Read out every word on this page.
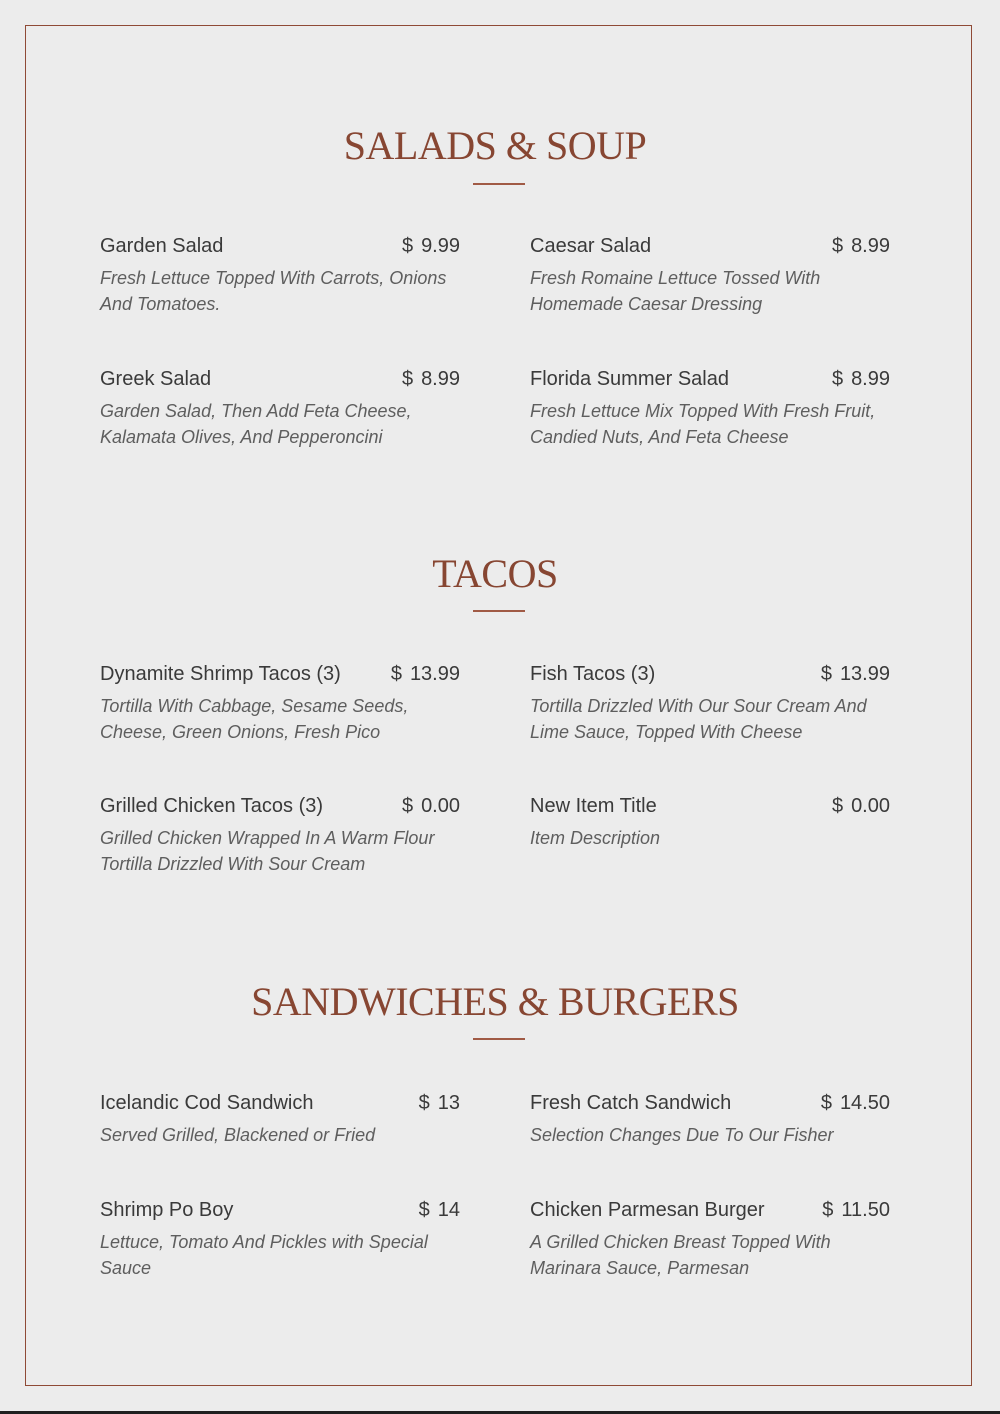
SALADS & SOUP
Garden Salad	$ 9.99
Fresh Lettuce Topped With Carrots, Onions And Tomatoes.
Caesar Salad	$ 8.99
Fresh Romaine Lettuce Tossed With Homemade Caesar Dressing
Greek Salad	$ 8.99
Garden Salad, Then Add Feta Cheese, Kalamata Olives, And Pepperoncini
Florida Summer Salad	$ 8.99
Fresh Lettuce Mix Topped With Fresh Fruit, Candied Nuts, And Feta Cheese
TACOS
Dynamite Shrimp Tacos (3) $ 13.99
Tortilla With Cabbage, Sesame Seeds, Cheese, Green Onions, Fresh Pico
Fish Tacos (3)	$ 13.99
Tortilla Drizzled With Our Sour Cream And Lime Sauce, Topped With Cheese
Grilled Chicken Tacos (3)	$ 0.00
Grilled Chicken Wrapped In A Warm Flour Tortilla Drizzled With Sour Cream
New Item Title	$ 0.00
Item Description
SANDWICHES & BURGERS
Icelandic Cod Sandwich	$ 13
Served Grilled, Blackened or Fried
Fresh Catch Sandwich	$ 14.50
Selection Changes Due To Our Fisher
Shrimp Po Boy	$ 14
Lettuce, Tomato And Pickles with Special Sauce
Chicken Parmesan Burger	$ 11.50
A Grilled Chicken Breast Topped With Marinara Sauce, Parmesan
